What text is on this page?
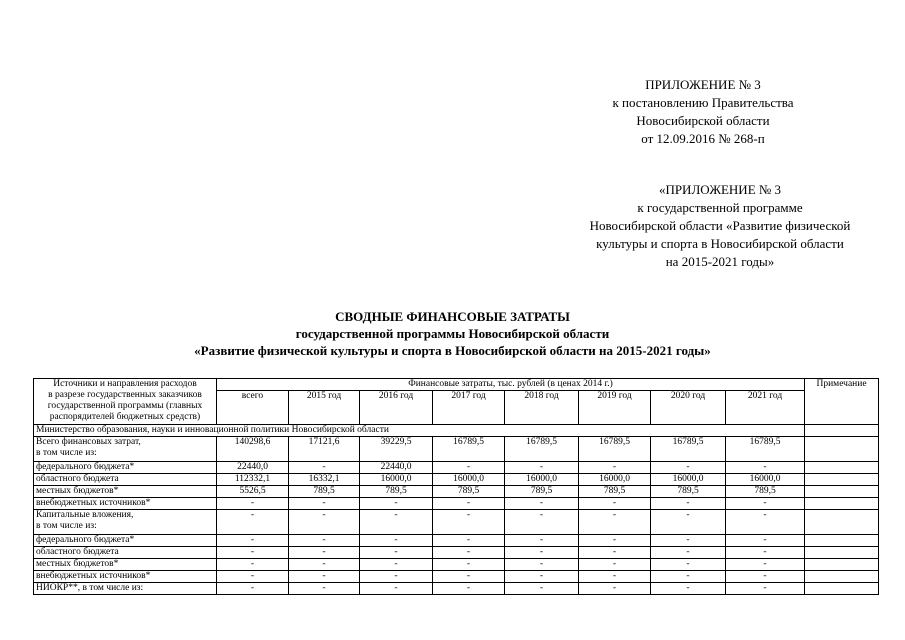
ПРИЛОЖЕНИЕ № 3
к постановлению Правительства
Новосибирской области
от 12.09.2016 № 268-п
«ПРИЛОЖЕНИЕ № 3
к государственной программе
Новосибирской области «Развитие физической
культуры и спорта в Новосибирской области
на 2015-2021 годы»
СВОДНЫЕ ФИНАНСОВЫЕ ЗАТРАТЫ
государственной программы Новосибирской области
«Развитие физической культуры и спорта в Новосибирской области на 2015-2021 годы»
Источники и направления расходов
в разрезе государственных заказчиков
государственной программы (главных
распорядителей бюджетных средств)	Финансовые затраты, тыс. рублей (в ценах 2014 г.)								Примечание
	всего	2015 год	2016 год	2017 год	2018 год	2019 год	2020 год	2021 год	
Министерство образования, науки и инновационной политики Новосибирской области									

Всего финансовых затрат,
в том числе из:	140298,6	17121,6	39229,5	16789,5	16789,5	16789,5	16789,5	16789,5	

федерального бюджета*	22440,0	-	22440,0	-	-	-	-	-	

областного бюджета	112332,1	16332,1	16000,0	16000,0	16000,0	16000,0	16000,0	16000,0	

местных бюджетов*	5526,5	789,5	789,5	789,5	789,5	789,5	789,5	789,5	

внебюджетных источников*	-	-	-	-	-	-	-	-	

Капитальные вложения,
в том числе из:	-	-	-	-	-	-	-	-	

федерального бюджета*	-	-	-	-	-	-	-	-	

областного бюджета	-	-	-	-	-	-	-	-	

местных бюджетов*	-	-	-	-	-	-	-	-	

внебюджетных источников*	-	-	-	-	-	-	-	-	

НИОКР**, в том числе из:	-	-	-	-	-	-	-	-	
